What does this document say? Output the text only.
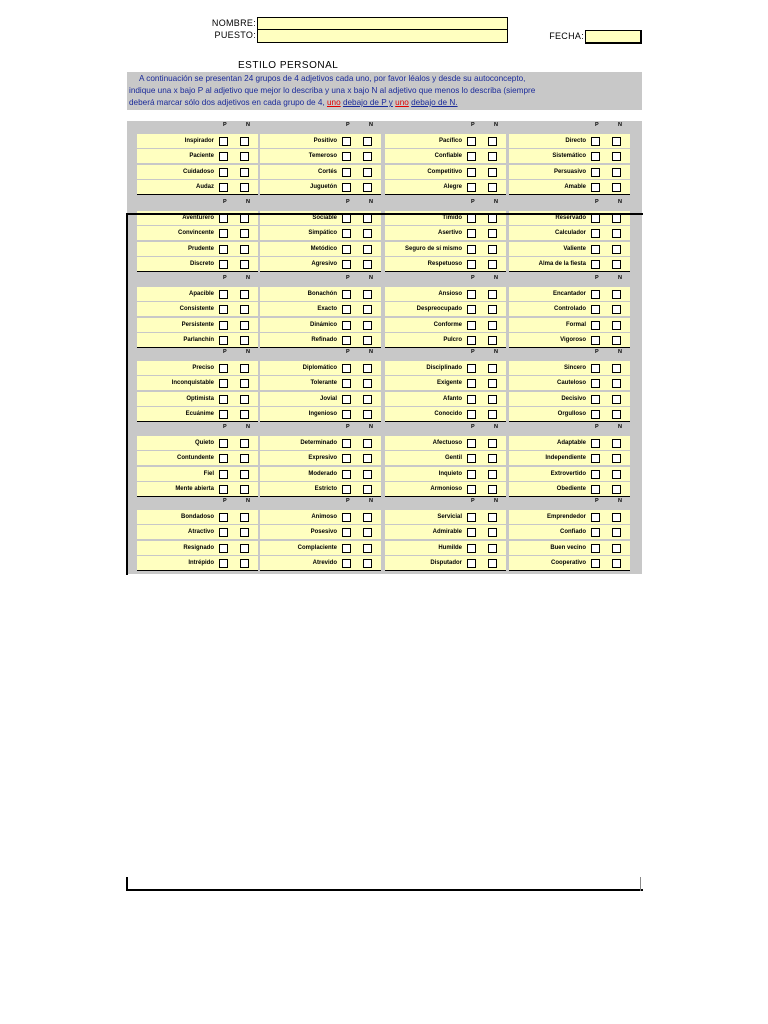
NOMBRE:
PUESTO:	FECHA:
ESTILO PERSONAL
A continuación se presentan 24 grupos de 4 adjetivos cada uno, por favor léalos y desde su autoconcepto,
indique una x bajo P al adjetivo que mejor lo describa y una x bajo N al adjetivo que menos lo describa (siempre
deberá marcar sólo dos adjetivos en cada grupo de 4, uno debajo de P y uno debajo de N.
P	N
Inspirador
Paciente
Cuidadoso
Audaz
P	N
Positivo
Temeroso
Cortés
Juguetón
P	N
Pacífico
Confiable
Competitivo
Alegre
P	N
Directo
Sistemático
Persuasivo
Amable
P	N
Aventurero
Convincente
Prudente
Discreto
P	N
Sociable
Simpático
Metódico
Agresivo
P	N
Tímido
Asertivo
Seguro de sí mismo
Respetuoso
P	N
Reservado
Calculador
Valiente
Alma de la fiesta
P	N
Apacible
Consistente
Persistente
Parlanchín
P	N
Bonachón
Exacto
Dinámico
Refinado
P	N
Ansioso
Despreocupado
Conforme
Pulcro
P	N
Encantador
Controlado
Formal
Vigoroso
P	N
Preciso
Inconquistable
Optimista
Ecuánime
P	N
Diplomático
Tolerante
Jovial
Ingenioso
P	N
Disciplinado
Exigente
Afanto
Conocido
P	N
Sincero
Cauteloso
Decisivo
Orgulloso
P	N
Quieto
Contundente
Fiel
Mente abierta
P	N
Determinado
Expresivo
Moderado
Estricto
P	N
Afectuoso
Gentil
Inquieto
Armonioso
P	N
Adaptable
Independiente
Extrovertido
Obediente
P	N
Bondadoso
Atractivo
Resignado
Intrépido
P	N
Animoso
Posesivo
Complaciente
Atrevido
P	N
Servicial
Admirable
Humilde
Disputador
P	N
Emprendedor
Confiado
Buen vecino
Cooperativo
